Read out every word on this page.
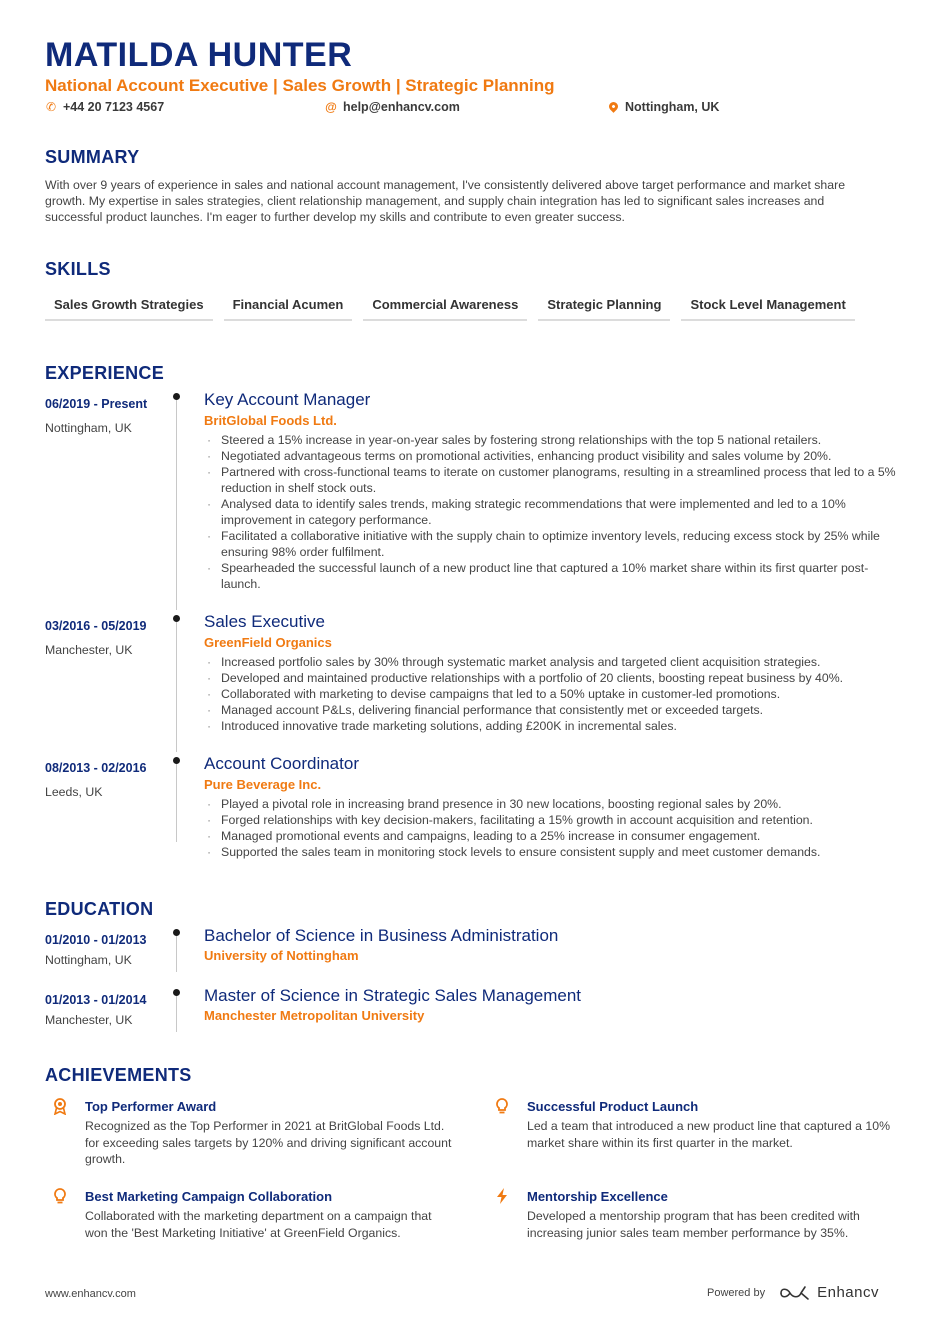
MATILDA HUNTER
National Account Executive | Sales Growth | Strategic Planning
✆ +44 20 7123 4567	@ help@enhancv.com	Nottingham, UK
SUMMARY
With over 9 years of experience in sales and national account management, I've consistently delivered above target performance and market share growth. My expertise in sales strategies, client relationship management, and supply chain integration has led to significant sales increases and successful product launches. I'm eager to further develop my skills and contribute to even greater success.
SKILLS
Sales Growth Strategies	Financial Acumen	Commercial Awareness	Strategic Planning	Stock Level Management
EXPERIENCE
06/2019 - Present
Nottingham, UK
Key Account Manager
BritGlobal Foods Ltd.
· Steered a 15% increase in year-on-year sales by fostering strong relationships with the top 5 national retailers.
· Negotiated advantageous terms on promotional activities, enhancing product visibility and sales volume by 20%.
· Partnered with cross-functional teams to iterate on customer planograms, resulting in a streamlined process that led to a 5% reduction in shelf stock outs.
· Analysed data to identify sales trends, making strategic recommendations that were implemented and led to a 10% improvement in category performance.
· Facilitated a collaborative initiative with the supply chain to optimize inventory levels, reducing excess stock by 25% while ensuring 98% order fulfilment.
· Spearheaded the successful launch of a new product line that captured a 10% market share within its first quarter post-launch.
03/2016 - 05/2019
Manchester, UK
Sales Executive
GreenField Organics
· Increased portfolio sales by 30% through systematic market analysis and targeted client acquisition strategies.
· Developed and maintained productive relationships with a portfolio of 20 clients, boosting repeat business by 40%.
· Collaborated with marketing to devise campaigns that led to a 50% uptake in customer-led promotions.
· Managed account P&Ls, delivering financial performance that consistently met or exceeded targets.
· Introduced innovative trade marketing solutions, adding £200K in incremental sales.
08/2013 - 02/2016
Leeds, UK
Account Coordinator
Pure Beverage Inc.
· Played a pivotal role in increasing brand presence in 30 new locations, boosting regional sales by 20%.
· Forged relationships with key decision-makers, facilitating a 15% growth in account acquisition and retention.
· Managed promotional events and campaigns, leading to a 25% increase in consumer engagement.
· Supported the sales team in monitoring stock levels to ensure consistent supply and meet customer demands.
EDUCATION
01/2010 - 01/2013
Nottingham, UK
Bachelor of Science in Business Administration
University of Nottingham
01/2013 - 01/2014
Manchester, UK
Master of Science in Strategic Sales Management
Manchester Metropolitan University
ACHIEVEMENTS
Top Performer Award
Recognized as the Top Performer in 2021 at BritGlobal Foods Ltd. for exceeding sales targets by 120% and driving significant account growth.
Successful Product Launch
Led a team that introduced a new product line that captured a 10% market share within its first quarter in the market.
Best Marketing Campaign Collaboration
Collaborated with the marketing department on a campaign that won the 'Best Marketing Initiative' at GreenField Organics.
Mentorship Excellence
Developed a mentorship program that has been credited with increasing junior sales team member performance by 35%.
www.enhancv.com	Powered by	Enhancv
